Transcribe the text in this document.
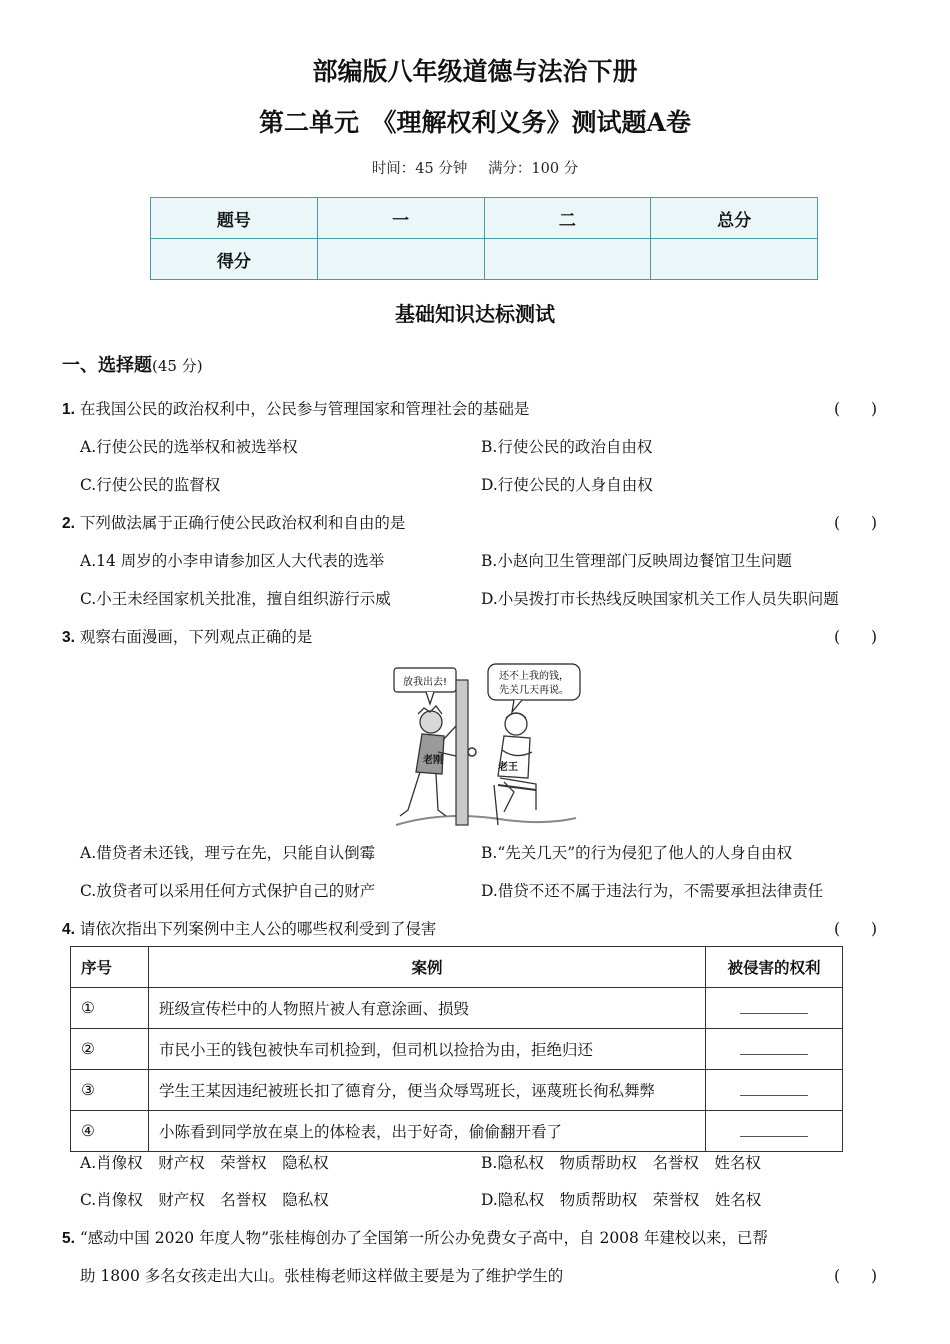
部编版八年级道德与法治下册
第二单元　《理解权利义务》测试题A卷
时间：45 分钟 满分：100 分
题号	一	二	总分
得分			
基础知识达标测试
一、选择题(45 分)
1. 在我国公民的政治权利中，公民参与管理国家和管理社会的基础是	(　　)
A.行使公民的选举权和被选举权	B.行使公民的政治自由权
C.行使公民的监督权	D.行使公民的人身自由权
2. 下列做法属于正确行使公民政治权利和自由的是	(　　)
A.14 周岁的小李申请参加区人大代表的选举	B.小赵向卫生管理部门反映周边餐馆卫生问题
C.小王未经国家机关批准，擅自组织游行示威	D.小吴拨打市长热线反映国家机关工作人员失职问题
3. 观察右面漫画，下列观点正确的是	(　　)
放我出去!
还不上我的钱，
先关几天再说。
老刚
老王
A.借贷者未还钱，理亏在先，只能自认倒霉	B.“先关几天”的行为侵犯了他人的人身自由权
C.放贷者可以采用任何方式保护自己的财产	D.借贷不还不属于违法行为，不需要承担法律责任
4. 请依次指出下列案例中主人公的哪些权利受到了侵害	(　　)
序号	案例	被侵害的权利
①	班级宣传栏中的人物照片被人有意涂画、损毁	
②	市民小王的钱包被快车司机捡到，但司机以捡拾为由，拒绝归还	
③	学生王某因违纪被班长扣了德育分，便当众辱骂班长，诬蔑班长徇私舞弊	
④	小陈看到同学放在桌上的体检表，出于好奇，偷偷翻开看了	
A.肖像权　财产权　荣誉权　隐私权	B.隐私权　物质帮助权　名誉权　姓名权
C.肖像权　财产权　名誉权　隐私权	D.隐私权　物质帮助权　荣誉权　姓名权
5. “感动中国 2020 年度人物”张桂梅创办了全国第一所公办免费女子高中，自 2008 年建校以来，已帮
助 1800 多名女孩走出大山。张桂梅老师这样做主要是为了维护学生的	(　　)
